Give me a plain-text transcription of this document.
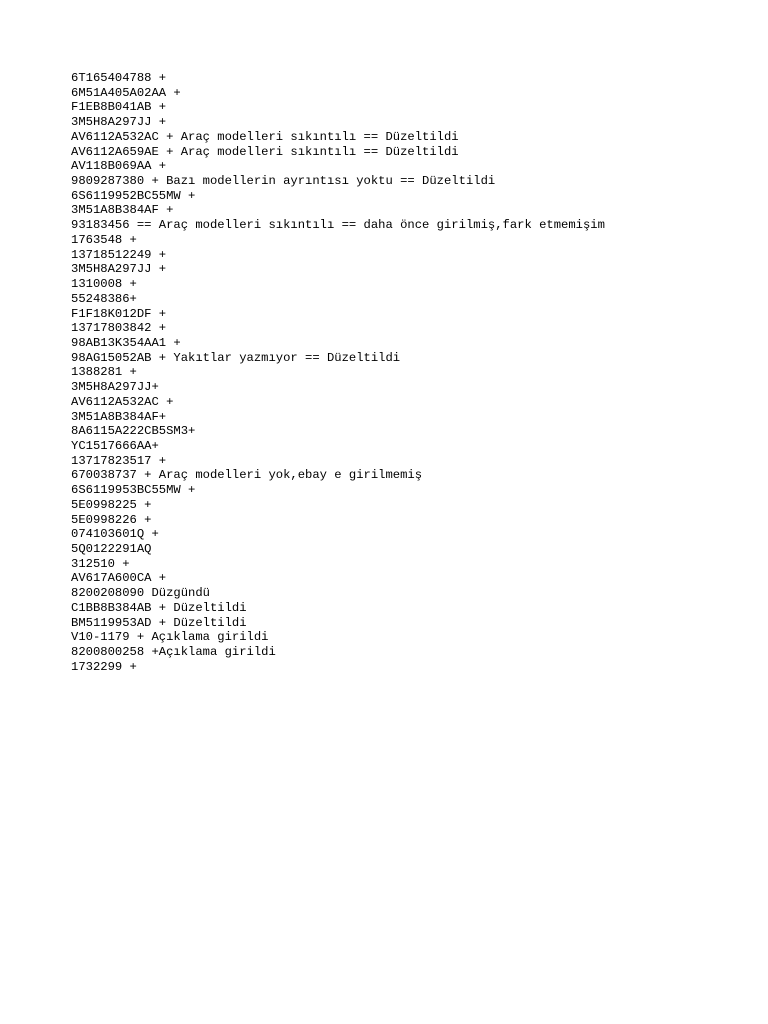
6T165404788 +
6M51A405A02AA +
F1EB8B041AB +
3M5H8A297JJ +
AV6112A532AC + Araç modelleri sıkıntılı == Düzeltildi
AV6112A659AE + Araç modelleri sıkıntılı == Düzeltildi
AV118B069AA +
9809287380 + Bazı modellerin ayrıntısı yoktu == Düzeltildi
6S6119952BC55MW +
3M51A8B384AF +
93183456 == Araç modelleri sıkıntılı == daha önce girilmiş,fark etmemişim
1763548 +
13718512249 +
3M5H8A297JJ +
1310008 +
55248386+
F1F18K012DF +
13717803842 +
98AB13K354AA1 +
98AG15052AB + Yakıtlar yazmıyor == Düzeltildi
1388281 +
3M5H8A297JJ+
AV6112A532AC +
3M51A8B384AF+
8A6115A222CB5SM3+
YC1517666AA+
13717823517 +
670038737 + Araç modelleri yok,ebay e girilmemiş
6S6119953BC55MW +
5E0998225 +
5E0998226 +
074103601Q +
5Q0122291AQ
312510 +
AV617A600CA +
8200208090 Düzgündü
C1BB8B384AB + Düzeltildi
BM5119953AD + Düzeltildi
V10-1179 + Açıklama girildi
8200800258 +Açıklama girildi
1732299 +
